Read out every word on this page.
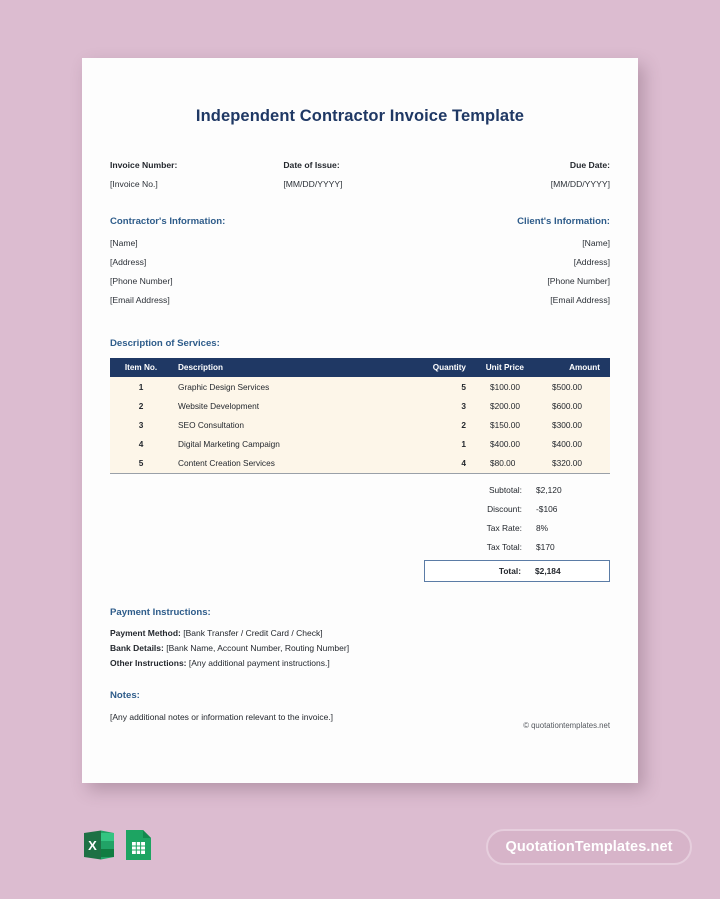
Independent Contractor Invoice Template
Invoice Number:
[Invoice No.]
Date of Issue:
[MM/DD/YYYY]
Due Date:
[MM/DD/YYYY]
Contractor's Information:
[Name]
[Address]
[Phone Number]
[Email Address]
Client's Information:
[Name]
[Address]
[Phone Number]
[Email Address]
Description of Services:
Item No.	Description	Quantity	Unit Price	Amount
1	Graphic Design Services	5	$100.00	$500.00
2	Website Development	3	$200.00	$600.00
3	SEO Consultation	2	$150.00	$300.00
4	Digital Marketing Campaign	1	$400.00	$400.00
5	Content Creation Services	4	$80.00	$320.00
Subtotal:	$2,120
Discount:	-$106
Tax Rate:	8%
Tax Total:	$170
Total:	$2,184
Payment Instructions:
Payment Method: [Bank Transfer / Credit Card / Check]
Bank Details: [Bank Name, Account Number, Routing Number]
Other Instructions: [Any additional payment instructions.]
Notes:
[Any additional notes or information relevant to the invoice.]
© quotationtemplates.net
X	QuotationTemplates.net
